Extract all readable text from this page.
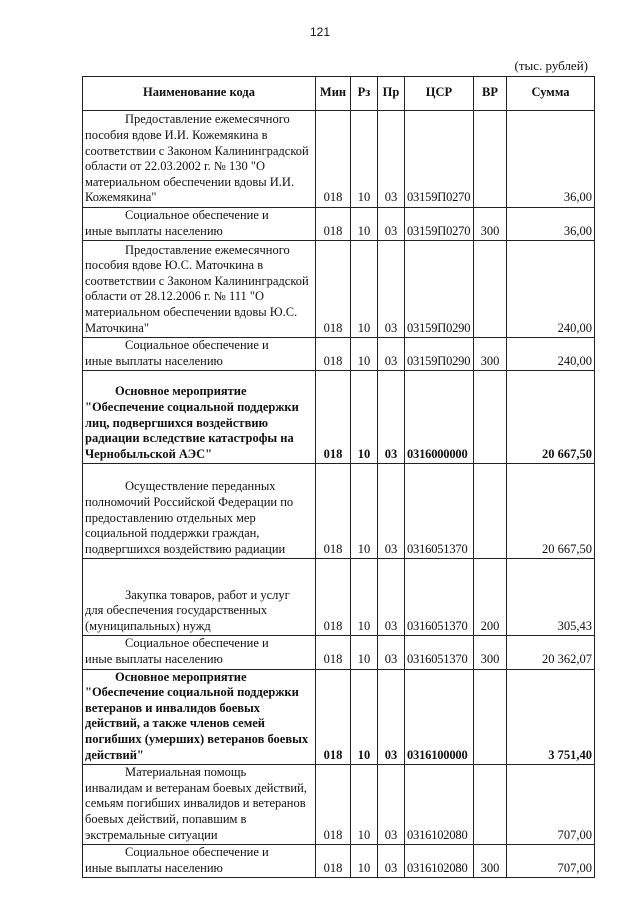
121
(тыс. рублей)
Наименование кода	Мин	Рз	Пр	ЦСР	ВР	Сумма

Предоставление ежемесячного
пособия вдове И.И. Кожемякина в соответствии с Законом Калининградской области от 22.03.2002 г. № 130 "О материальном обеспечении вдовы И.И. Кожемякина"	018	10	03	03159П0270		36,00

Социальное обеспечение и
иные выплаты населению	018	10	03	03159П0270	300	36,00

Предоставление ежемесячного
пособия вдове Ю.С. Маточкина в соответствии с Законом Калининградской области от 28.12.2006 г. № 111 "О материальном обеспечении вдовы Ю.С. Маточкина"	018	10	03	03159П0290		240,00

Социальное обеспечение и
иные выплаты населению	018	10	03	03159П0290	300	240,00

Основное мероприятие
"Обеспечение социальной поддержки лиц, подвергшихся воздействию радиации вследствие катастрофы на Чернобыльской АЭС"	018	10	03	0316000000		20 667,50

Осуществление переданных
полномочий Российской Федерации по предоставлению отдельных мер социальной поддержки граждан, подвергшихся воздействию радиации	018	10	03	0316051370		20 667,50

Закупка товаров, работ и услуг
для обеспечения государственных (муниципальных) нужд	018	10	03	0316051370	200	305,43

Социальное обеспечение и
иные выплаты населению	018	10	03	0316051370	300	20 362,07

Основное мероприятие
"Обеспечение социальной поддержки ветеранов и инвалидов боевых действий, а также членов семей погибших (умерших) ветеранов боевых действий"	018	10	03	0316100000		3 751,40

Материальная помощь
инвалидам и ветеранам боевых действий, семьям погибших инвалидов и ветеранов боевых действий, попавшим в экстремальные ситуации	018	10	03	0316102080		707,00

Социальное обеспечение и
иные выплаты населению	018	10	03	0316102080	300	707,00
